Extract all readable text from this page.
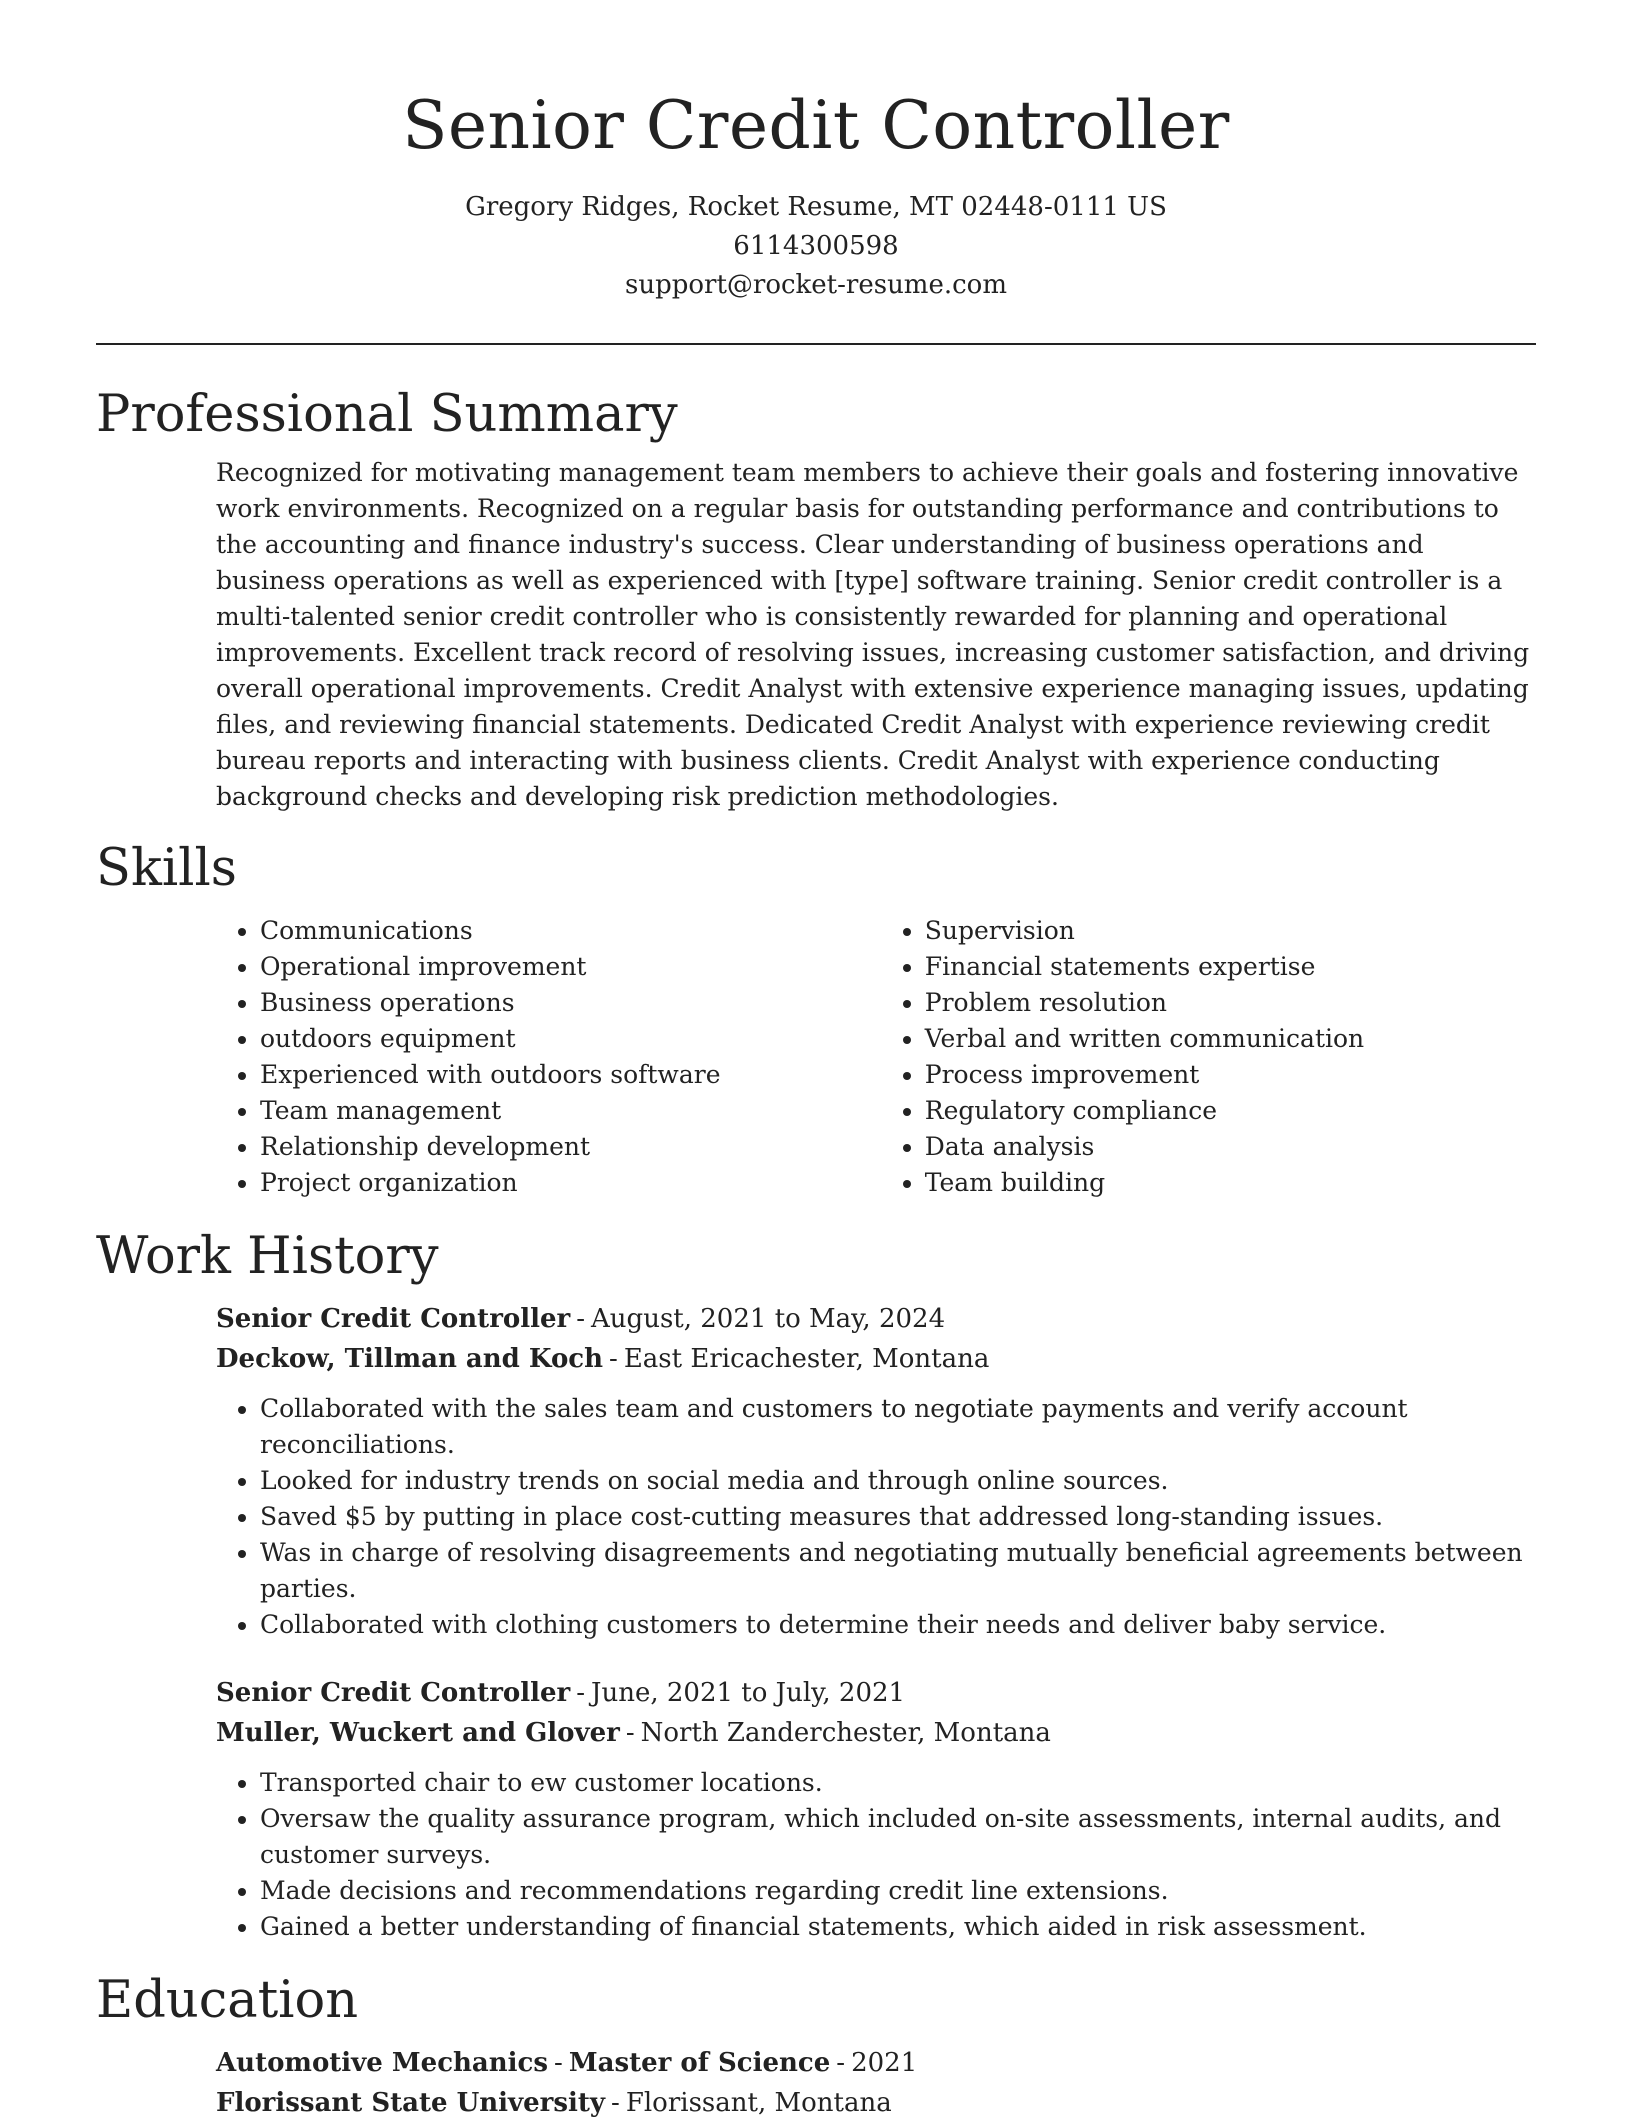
Senior Credit Controller
Gregory Ridges, Rocket Resume, MT 02448-0111 US
6114300598
support@rocket-resume.com
Professional Summary

Recognized for motivating management team members to achieve their goals and fostering innovative work environments. Recognized on a regular basis for outstanding performance and contributions to the accounting and finance industry's success. Clear understanding of business operations and business operations as well as experienced with [type] software training. Senior credit controller is a multi-talented senior credit controller who is consistently rewarded for planning and operational improvements. Excellent track record of resolving issues, increasing customer satisfaction, and driving overall operational improvements. Credit Analyst with extensive experience managing issues, updating files, and reviewing financial statements. Dedicated Credit Analyst with experience reviewing credit bureau reports and interacting with business clients. Credit Analyst with experience conducting background checks and developing risk prediction methodologies.

Skills
• Communications
• Operational improvement
• Business operations
• outdoors equipment
• Experienced with outdoors software
• Team management
• Relationship development
• Project organization
• Supervision
• Financial statements expertise
• Problem resolution
• Verbal and written communication
• Process improvement
• Regulatory compliance
• Data analysis
• Team building
Work History
Senior Credit Controller - August, 2021 to May, 2024
Deckow, Tillman and Koch - East Ericachester, Montana
• Collaborated with the sales team and customers to negotiate payments and verify account reconciliations.
• Looked for industry trends on social media and through online sources.
• Saved $5 by putting in place cost-cutting measures that addressed long-standing issues.
• Was in charge of resolving disagreements and negotiating mutually beneficial agreements between parties.
• Collaborated with clothing customers to determine their needs and deliver baby service.
Senior Credit Controller - June, 2021 to July, 2021
Muller, Wuckert and Glover - North Zanderchester, Montana
• Transported chair to ew customer locations.
• Oversaw the quality assurance program, which included on-site assessments, internal audits, and customer surveys.
• Made decisions and recommendations regarding credit line extensions.
• Gained a better understanding of financial statements, which aided in risk assessment.
Education
Automotive Mechanics - Master of Science - 2021
Florissant State University - Florissant, Montana
